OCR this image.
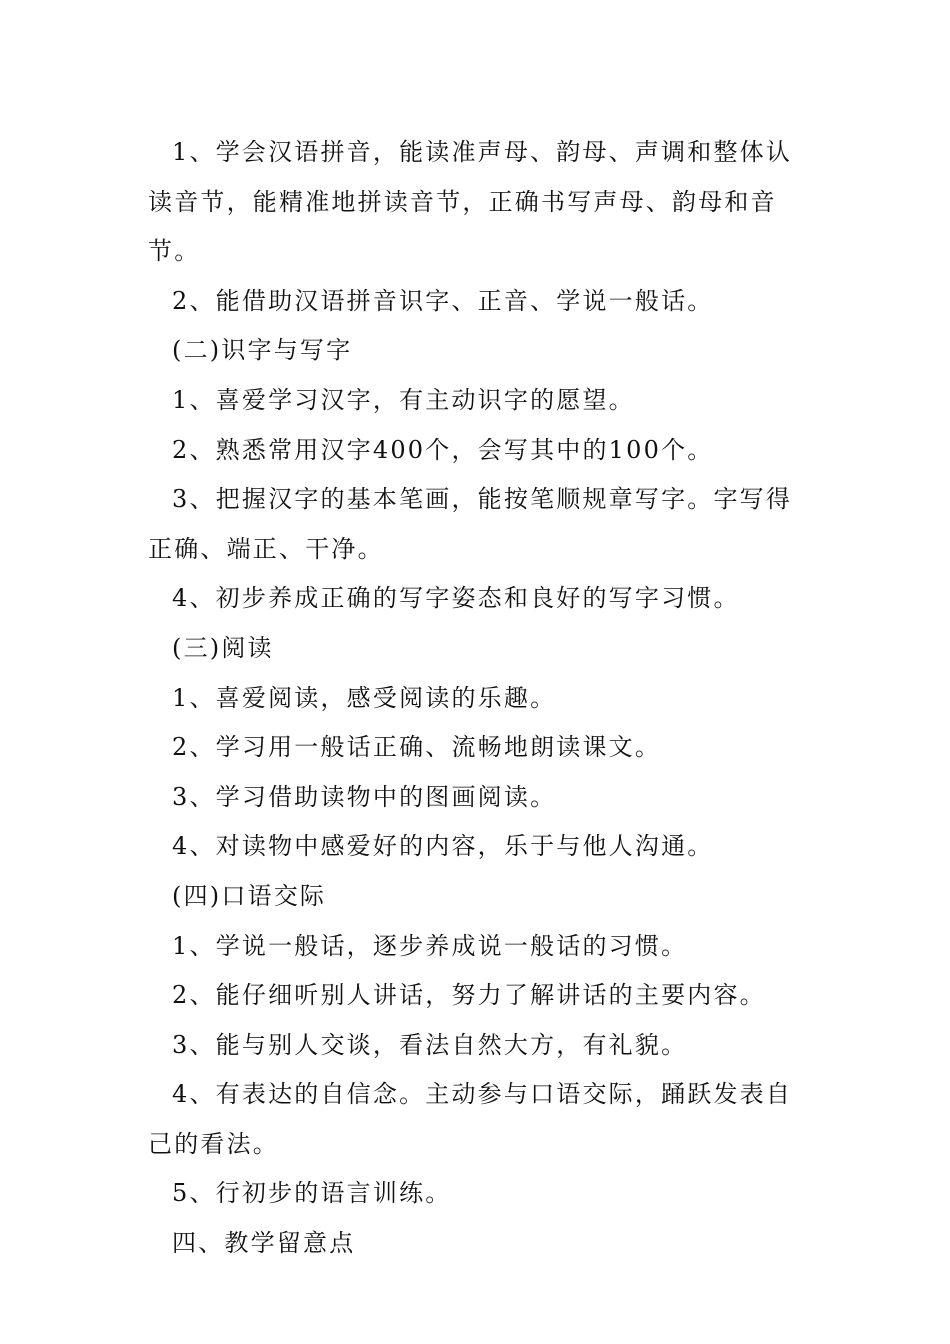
1、学会汉语拼音，能读准声母、韵母、声调和整体认读音节，能精准地拼读音节，正确书写声母、韵母和音节。

2、能借助汉语拼音识字、正音、学说一般话。

(二)识字与写字

1、喜爱学习汉字，有主动识字的愿望。

2、熟悉常用汉字400个，会写其中的100个。

3、把握汉字的基本笔画，能按笔顺规章写字。字写得正确、端正、干净。

4、初步养成正确的写字姿态和良好的写字习惯。

(三)阅读

1、喜爱阅读，感受阅读的乐趣。

2、学习用一般话正确、流畅地朗读课文。

3、学习借助读物中的图画阅读。

4、对读物中感爱好的内容，乐于与他人沟通。

(四)口语交际

1、学说一般话，逐步养成说一般话的习惯。

2、能仔细听别人讲话，努力了解讲话的主要内容。

3、能与别人交谈，看法自然大方，有礼貌。

4、有表达的自信念。主动参与口语交际，踊跃发表自己的看法。

5、行初步的语言训练。

四、教学留意点
